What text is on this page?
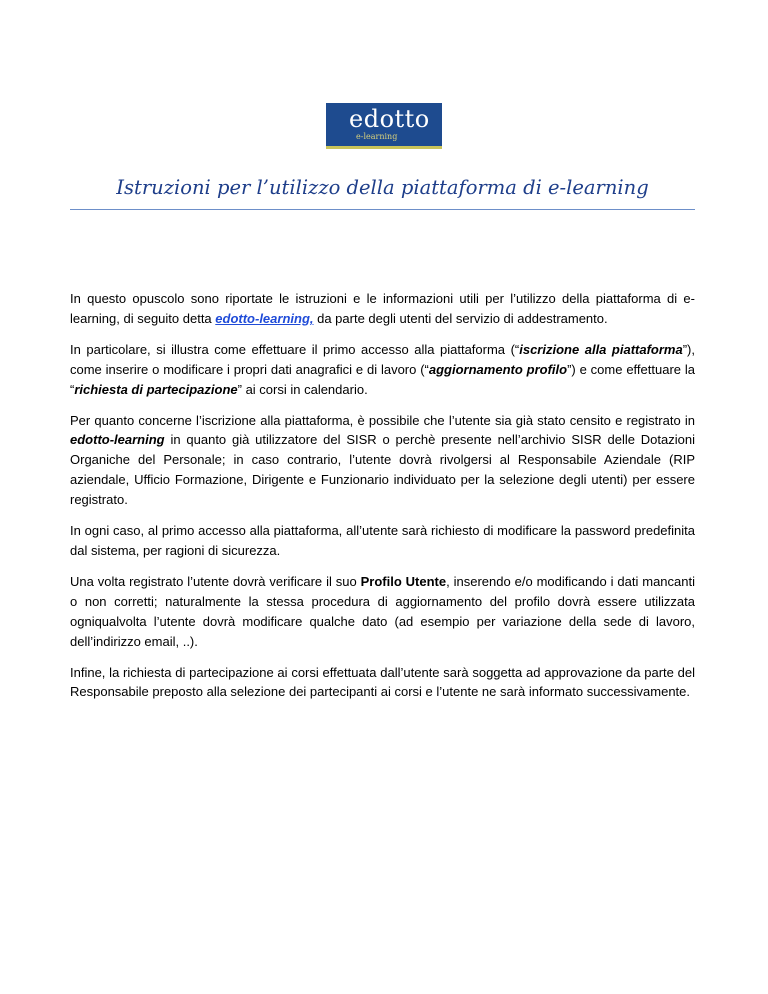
edotto
e-learning
Istruzioni per l’utilizzo della piattaforma di e-learning

In questo opuscolo sono riportate le istruzioni e le informazioni utili per l’utilizzo della piattaforma di e-learning, di seguito detta edotto-learning, da parte degli utenti del servizio di addestramento.

In particolare, si illustra come effettuare il primo accesso alla piattaforma (“iscrizione alla piattaforma”), come inserire o modificare i propri dati anagrafici e di lavoro (“aggiornamento profilo”) e come effettuare la “richiesta di partecipazione” ai corsi in calendario.

Per quanto concerne l’iscrizione alla piattaforma, è possibile che l’utente sia già stato censito e registrato in edotto-learning in quanto già utilizzatore del SISR o perchè presente nell’archivio SISR delle Dotazioni Organiche del Personale; in caso contrario, l’utente dovrà rivolgersi al Responsabile Aziendale (RIP aziendale, Ufficio Formazione, Dirigente e Funzionario individuato per la selezione degli utenti) per essere registrato.

In ogni caso, al primo accesso alla piattaforma, all’utente sarà richiesto di modificare la password predefinita dal sistema, per ragioni di sicurezza.

Una volta registrato l’utente dovrà verificare il suo Profilo Utente, inserendo e/o modificando i dati mancanti o non corretti; naturalmente la stessa procedura di aggiornamento del profilo dovrà essere utilizzata ogniqualvolta l’utente dovrà modificare qualche dato (ad esempio per variazione della sede di lavoro, dell’indirizzo email, ..).

Infine, la richiesta di partecipazione ai corsi effettuata dall’utente sarà soggetta ad approvazione da parte del Responsabile preposto alla selezione dei partecipanti ai corsi e l’utente ne sarà informato successivamente.
